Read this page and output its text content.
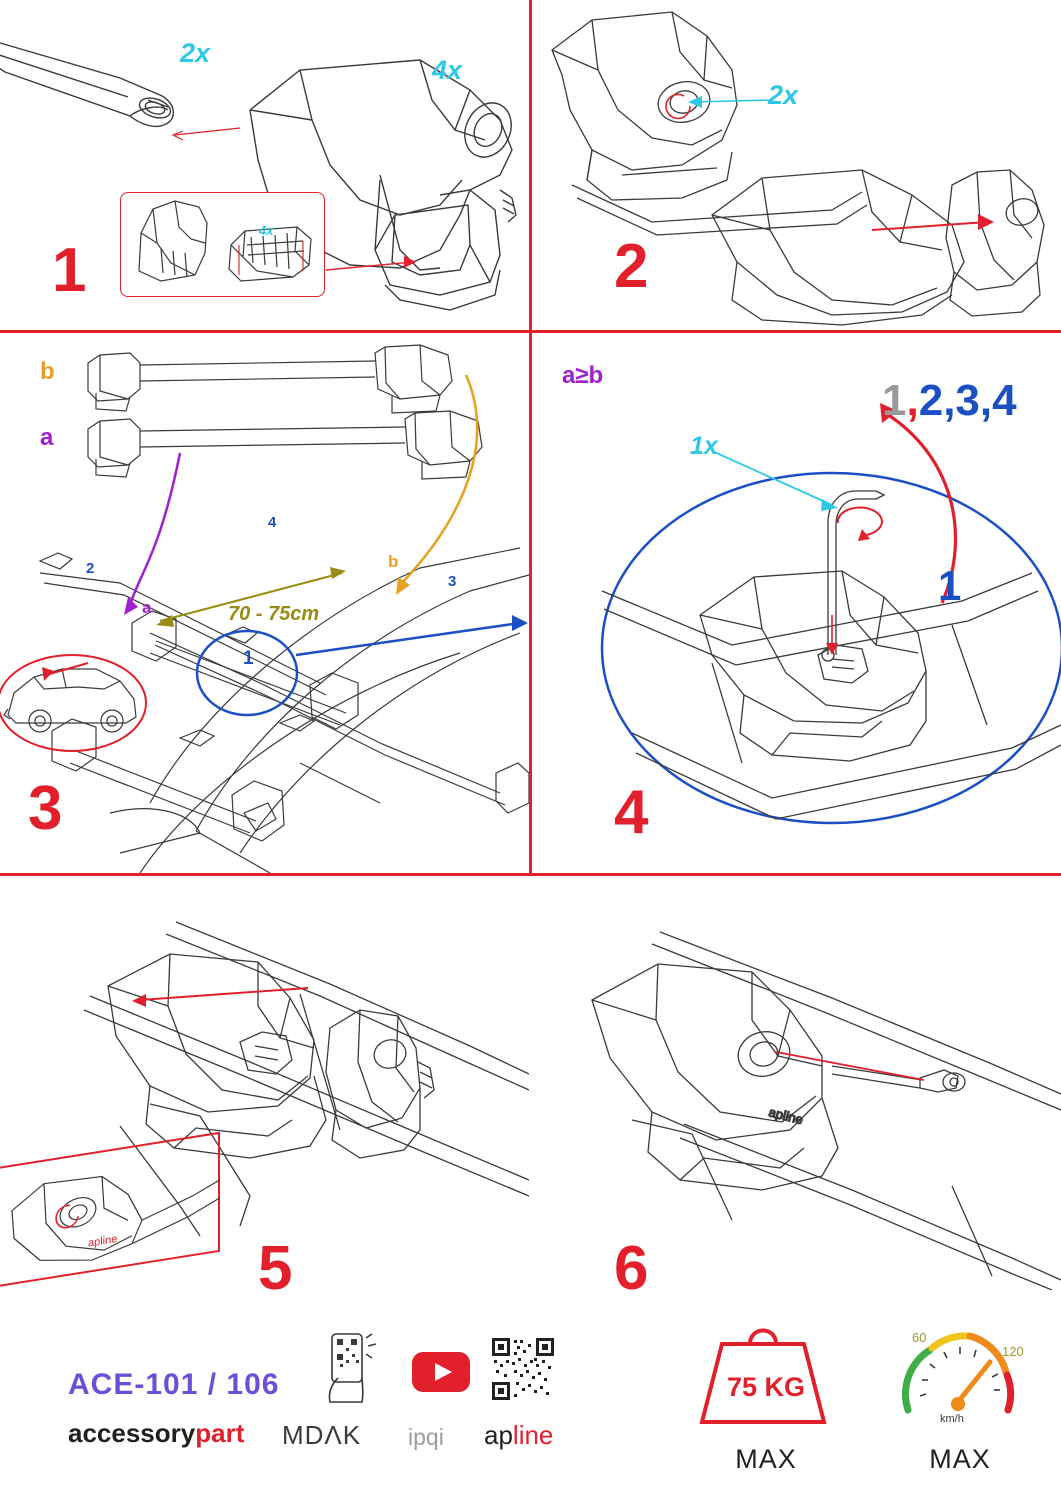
4x
2x
4x
1
2x
2
b
a
a
b
70 - 75cm
1
2
3
4
3
a≥b
1x
1
1,2,3,4
4
apline 5
apline
6
ACE-101 / 106
accessorypart MDΛK ipqi apline
75 KG
MAX
60
120
km/h
MAX
